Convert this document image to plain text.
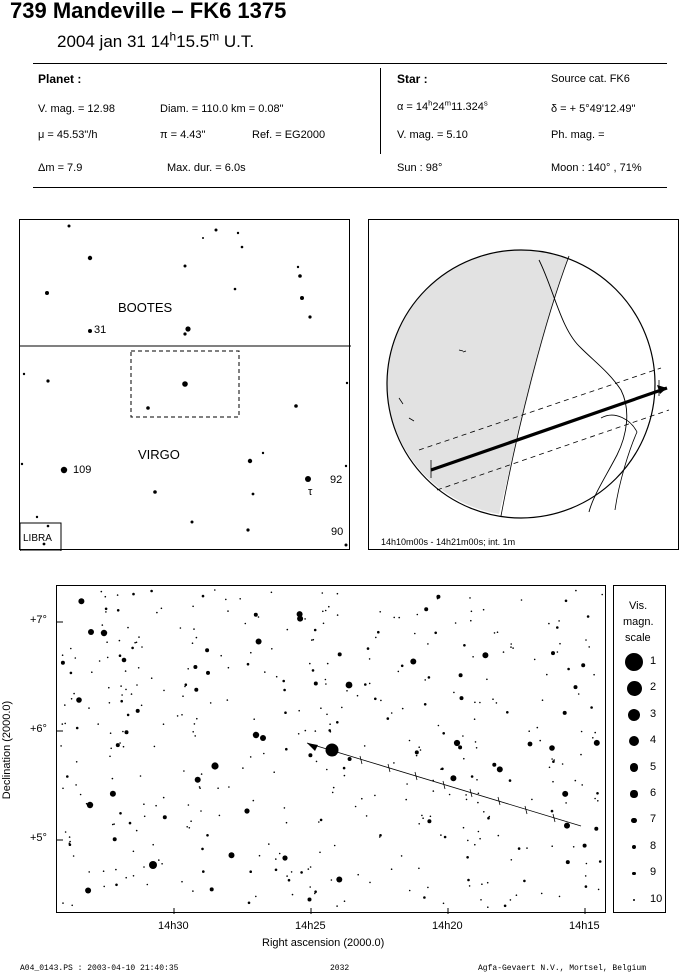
739 Mandeville – FK6 1375
2004 jan 31 14$^h$15.5$^m$ U.T.
Planet :
V. mag. = 12.98	Diam. = 110.0 km = 0.08"
μ = 45.53"/h	π = 4.43"	Ref. = EG2000
Δm = 7.9	Max. dur. = 6.0s
Star :	Source cat. FK6
$\alpha = 14^h24^m11.324^s$
δ = + 5°49'12.49"
V. mag. = 5.10	Ph. mag. =
Sun : 98°	Moon : 140° , 71%
BOOTES
VIRGO
31
109
92
τ
90
LIBRA	14h10m00s - 14h21m00s; int. 1m
+7°
+6°
+5°
14h30	14h25	14h20	14h15
Right ascension (2000.0)
Declination (2000.0)
Vis.
magn.
scale
1
2
3
4
5
6
7
8
9
10
A04_0143.PS : 2003-04-10 21:40:35	2032	Agfa-Gevaert N.V., Mortsel, Belgium
